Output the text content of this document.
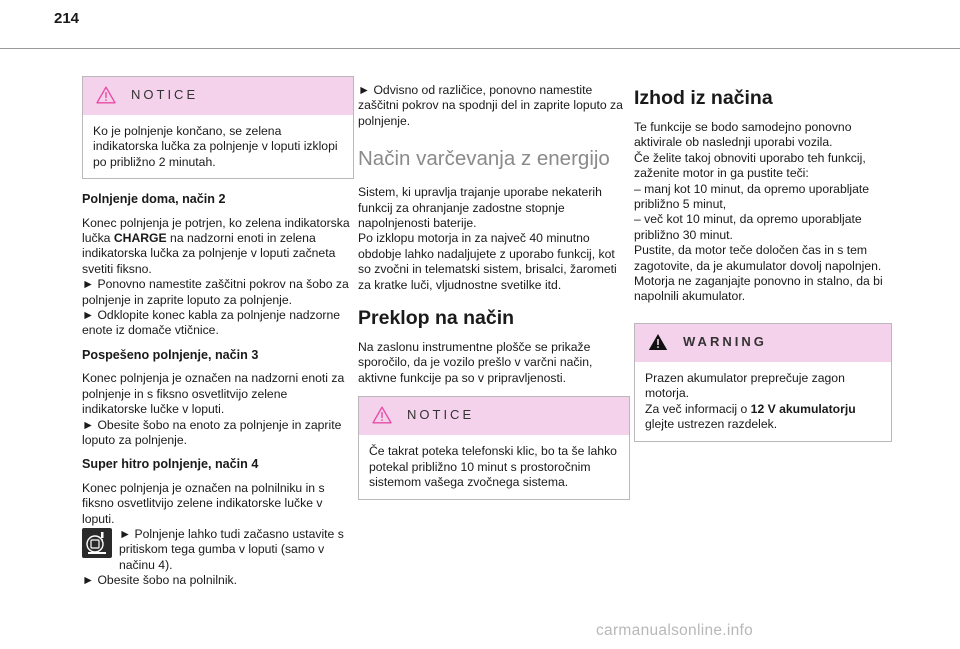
214
NOTICE

Ko je polnjenje končano, se zelena indikatorska lučka za polnjenje v loputi izklopi po približno 2 minutah.

Polnjenje doma, način 2

Konec polnjenja je potrjen, ko zelena indikatorska lučka CHARGE na nadzorni enoti in zelena indikatorska lučka za polnjenje v loputi začneta svetiti fiksno.

► Ponovno namestite zaščitni pokrov na šobo za polnjenje in zaprite loputo za polnjenje.

► Odklopite konec kabla za polnjenje nadzorne enote iz domače vtičnice.

Pospešeno polnjenje, način 3

Konec polnjenja je označen na nadzorni enoti za polnjenje in s fiksno osvetlitvijo zelene indikatorske lučke v loputi.

► Obesite šobo na enoto za polnjenje in zaprite loputo za polnjenje.

Super hitro polnjenje, način 4

Konec polnjenja je označen na polnilniku in s fiksno osvetlitvijo zelene indikatorske lučke v loputi.

► Polnjenje lahko tudi začasno ustavite s pritiskom tega gumba v loputi (samo v načinu 4).

► Obesite šobo na polnilnik.

► Odvisno od različice, ponovno namestite zaščitni pokrov na spodnji del in zaprite loputo za polnjenje.

Način varčevanja z energijo

Sistem, ki upravlja trajanje uporabe nekaterih funkcij za ohranjanje zadostne stopnje napolnjenosti baterije.
Po izklopu motorja in za največ 40 minutno obdobje lahko nadaljujete z uporabo funkcij, kot so zvočni in telematski sistem, brisalci, žarometi za kratke luči, vljudnostne svetilke itd.

Preklop na način

Na zaslonu instrumentne plošče se prikaže sporočilo, da je vozilo prešlo v varčni način, aktivne funkcije pa so v pripravljenosti.

NOTICE

Če takrat poteka telefonski klic, bo ta še lahko potekal približno 10 minut s prostoročnim sistemom vašega zvočnega sistema.

Izhod iz načina

Te funkcije se bodo samodejno ponovno aktivirale ob naslednji uporabi vozila.
Če želite takoj obnoviti uporabo teh funkcij, zaženite motor in ga pustite teči:
– manj kot 10 minut, da opremo uporabljate približno 5 minut,
– več kot 10 minut, da opremo uporabljate približno 30 minut.
Pustite, da motor teče določen čas in s tem zagotovite, da je akumulator dovolj napolnjen.
Motorja ne zaganjajte ponovno in stalno, da bi napolnili akumulator.

WARNING

Prazen akumulator preprečuje zagon motorja.
Za več informacij o 12 V akumulatorju glejte ustrezen razdelek.

carmanualsonline.info
